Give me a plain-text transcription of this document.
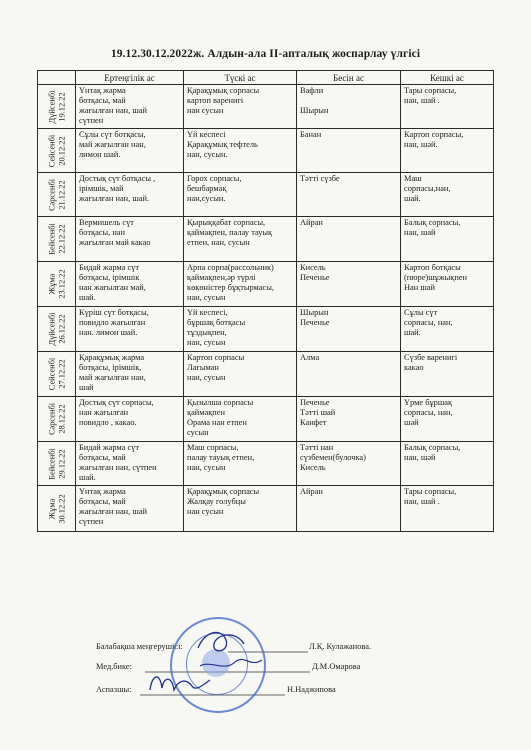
19.12.30.12.2022ж. Алдын-ала II-апталық жоспарлау үлгісі
	Ертеңгілік ас	Түскі ас	Бесін ас	Кешкі ас

Дүйсенбі
19.12.22	Үнтақ жарма
ботқасы, май
жағылған нан, шай
сүтпен	Қарақұмық сорпасы
картоп варенигі
нан сусын	Вафли

Шырын	Тары сорпасы,
нан, шай .

Сейсенбі
20.12.22	Сұлы сүт ботқасы,
май жағылған нан,
лимон шай.	Үй кеспесі
Қарақұмық тефтель
нан, сусын.	Банан	Картоп сорпасы,
нан, шәй.

Сәрсенбі
21.12.22	Достық сүт ботқасы ,
ірімшік, май
жағылған нан, шай.	Горох сорпасы,
бешбармақ
нан,сусын.	Тәтті сүзбе	Маш
сорпасы,нан,
шай.

Бейсенбі
22.12.22	Вермишель сүт
ботқасы, нан
жағылған май какао	Қырыққабат сорпасы,
қаймақпен, палау тауық
етпен, нан, сусын	Айран	Балық сорпасы,
нан, шай

Жұма
23.12.22	Бидай жарма сүт
ботқасы, ірімшік
нан жағылған май,
шай.	Арпа сорпа(рассольник)
қаймақпен,әр түрлі
көкөністер бұқтырмасы,
нан, сусын	Кисель
Печенье	Картоп ботқасы
(пюре)шұжықпен
Нан шай

Дүйсенбі
26.12.22	Күріш сүт ботқасы,
повидло жағылған
нан. лимон шай.	Үй кеспесі,
бұршақ ботқасы
тұздықпен,
нан, сусын	Шырын
Печенье	Сұлы сүт
сорпасы, нан,
шай.

Сейсенбі
27.12.22	Қарақұмық жарма
ботқасы, ірімшік,
май жағылған нан,
шай	Картоп сорпасы
Лағыман
нан, сусын	Алма	Сүзбе варенигі
какао

Сәрсенбі
28.12.22	Достық сүт сорпасы,
нан жағылған
повидло , какао.	Қызылша сорпасы
қаймақпен
Орама нан етпен
сусын	Печенье
Тәтті шай
Канфет	Үрме бұршақ
сорпасы, нан,
шәй

Бейсенбі
29.12.22	Бидай жарма сүт
ботқасы, май
жағылған нан, сүтпен
шай.	Маш сорпасы,
палау тауық етпен,
нан, сусын	Тәтті нан
сүзбемен(булочка)
Кисель	Балық сорпасы,
нан, шәй

Жұма
30.12.22	Үнтақ жарма
ботқасы, май
жағылған нан, шай
сүтпен	Қарақұмық сорпасы
Жалқау голубцы
нан сусын	Айран	Тары сорпасы,
нан, шай .
Балабақша меңгерушісі:	Л.Қ. Кулажанова.
Мед.бике:	Д.М.Омарова
Аспазшы:	Н.Наджипова
